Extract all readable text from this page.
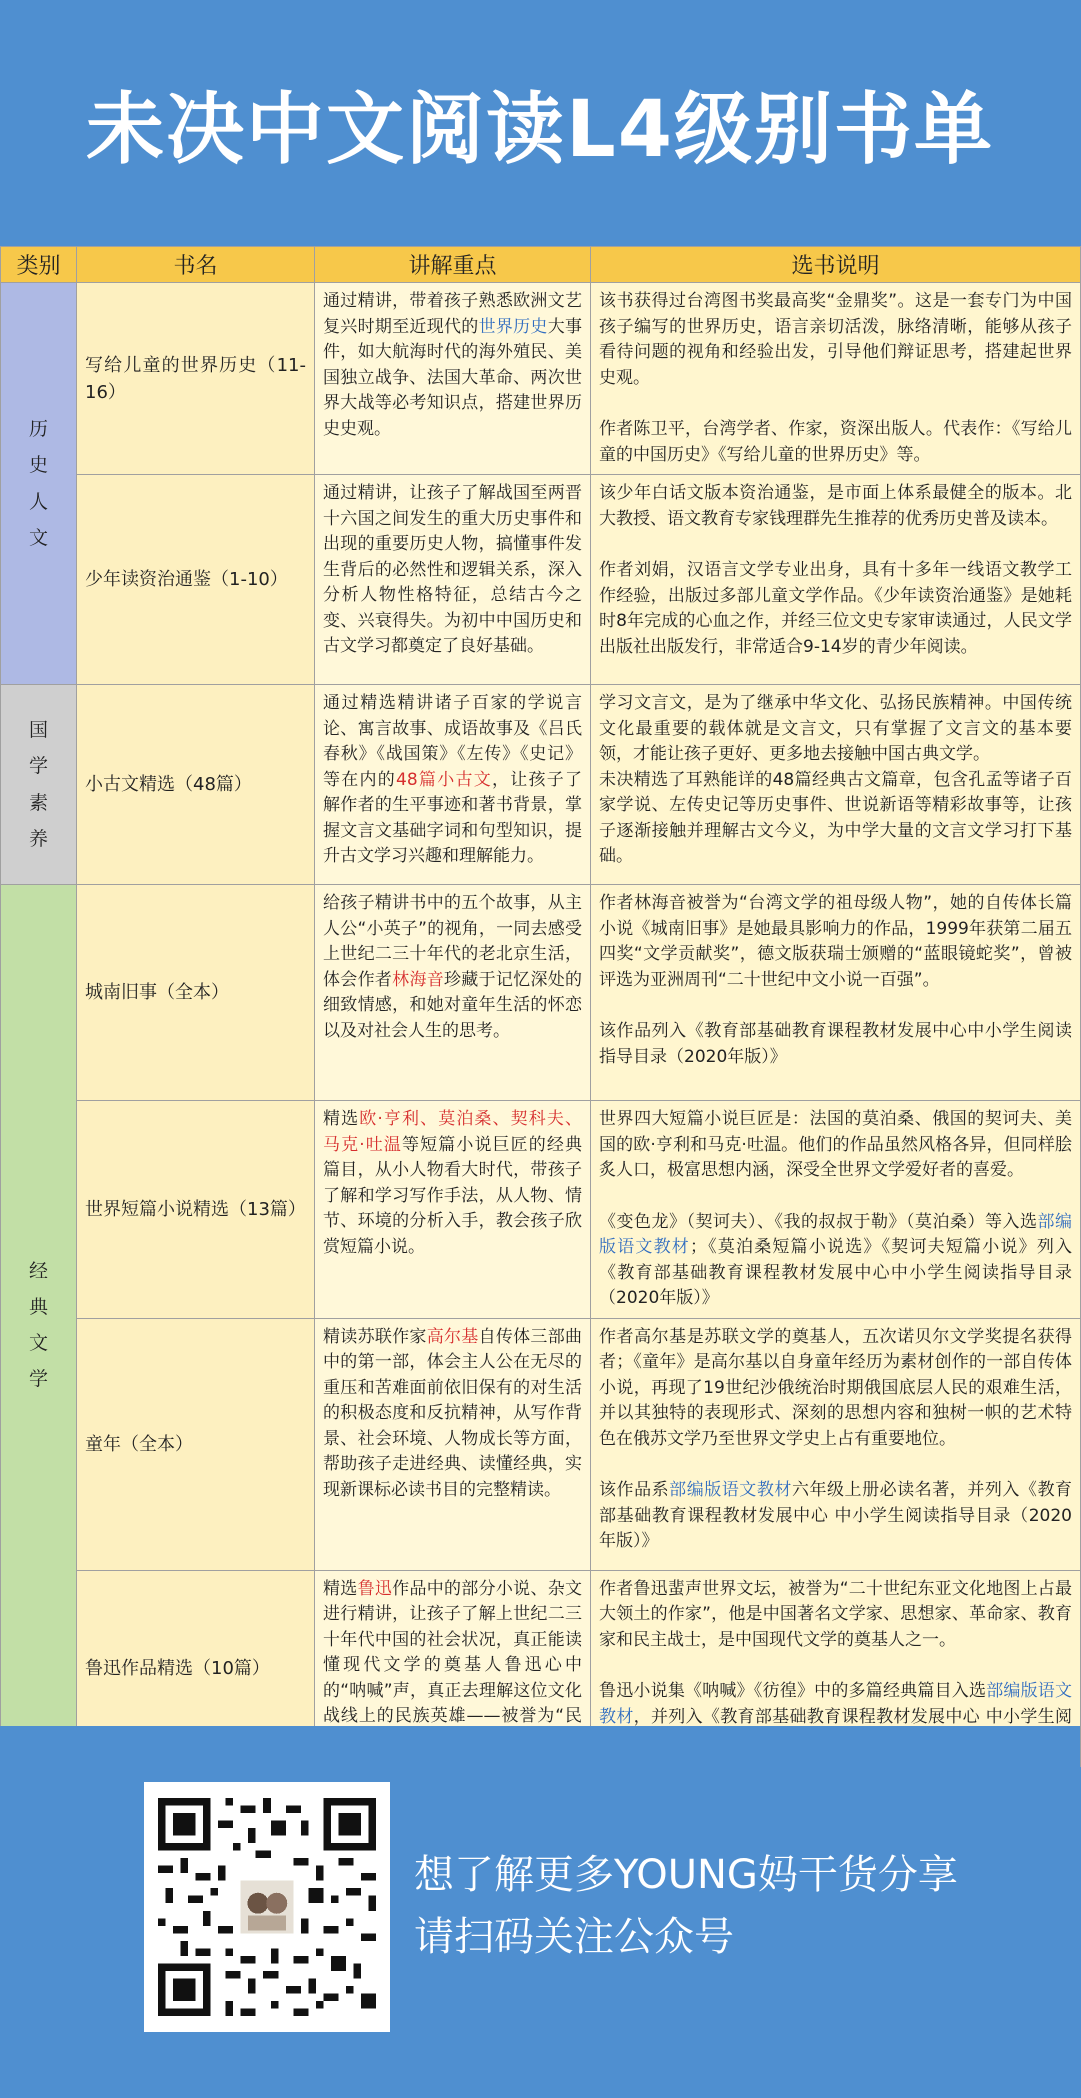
未决中文阅读L4级别书单
类别	书名	讲解重点	选书说明
历史人文	写给儿童的世界历史（11-16）	通过精讲，带着孩子熟悉欧洲文艺复兴时期至近现代的世界历史大事件，如大航海时代的海外殖民、美国独立战争、法国大革命、两次世界大战等必考知识点，搭建世界历史史观。	该书获得过台湾图书奖最高奖“金鼎奖”。这是一套专门为中国孩子编写的世界历史，语言亲切活泼，脉络清晰，能够从孩子看待问题的视角和经验出发，引导他们辩证思考，搭建起世界史观。
作者陈卫平，台湾学者、作家，资深出版人。代表作：《写给儿童的中国历史》《写给儿童的世界历史》等。

	少年读资治通鉴（1-10）	通过精讲，让孩子了解战国至两晋十六国之间发生的重大历史事件和出现的重要历史人物，搞懂事件发生背后的必然性和逻辑关系，深入分析人物性格特征，总结古今之变、兴衰得失。为初中中国历史和古文学习都奠定了良好基础。	该少年白话文版本资治通鉴，是市面上体系最健全的版本。北大教授、语文教育专家钱理群先生推荐的优秀历史普及读本。
作者刘娟，汉语言文学专业出身，具有十多年一线语文教学工作经验，出版过多部儿童文学作品。《少年读资治通鉴》是她耗时8年完成的心血之作，并经三位文史专家审读通过，人民文学出版社出版发行，非常适合9-14岁的青少年阅读。

国学素养	小古文精选（48篇）	通过精选精讲诸子百家的学说言论、寓言故事、成语故事及《吕氏春秋》《战国策》《左传》《史记》等在内的48篇小古文，让孩子了解作者的生平事迹和著书背景，掌握文言文基础字词和句型知识，提升古文学习兴趣和理解能力。	学习文言文，是为了继承中华文化、弘扬民族精神。中国传统文化最重要的载体就是文言文，只有掌握了文言文的基本要领，才能让孩子更好、更多地去接触中国古典文学。
未决精选了耳熟能详的48篇经典古文篇章，包含孔孟等诸子百家学说、左传史记等历史事件、世说新语等精彩故事等，让孩子逐渐接触并理解古文今义，为中学大量的文言文学习打下基础。

经典文学	城南旧事（全本）	给孩子精讲书中的五个故事，从主人公“小英子”的视角，一同去感受上世纪二三十年代的老北京生活，体会作者林海音珍藏于记忆深处的细致情感，和她对童年生活的怀恋以及对社会人生的思考。	作者林海音被誉为“台湾文学的祖母级人物”，她的自传体长篇小说《城南旧事》是她最具影响力的作品，1999年获第二届五四奖“文学贡献奖”，德文版获瑞士颁赠的“蓝眼镜蛇奖”，曾被评选为亚洲周刊“二十世纪中文小说一百强”。
该作品列入《教育部基础教育课程教材发展中心中小学生阅读指导目录（2020年版）》

	世界短篇小说精选（13篇）	精选欧·亨利、莫泊桑、契科夫、马克·吐温等短篇小说巨匠的经典篇目，从小人物看大时代，带孩子了解和学习写作手法，从人物、情节、环境的分析入手，教会孩子欣赏短篇小说。	世界四大短篇小说巨匠是：法国的莫泊桑、俄国的契诃夫、美国的欧·亨利和马克·吐温。他们的作品虽然风格各异，但同样脍炙人口，极富思想内涵，深受全世界文学爱好者的喜爱。
《变色龙》（契诃夫）、《我的叔叔于勒》（莫泊桑）等入选部编版语文教材；《莫泊桑短篇小说选》《契诃夫短篇小说》列入《教育部基础教育课程教材发展中心中小学生阅读指导目录（2020年版）》

	童年（全本）	精读苏联作家高尔基自传体三部曲中的第一部，体会主人公在无尽的重压和苦难面前依旧保有的对生活的积极态度和反抗精神，从写作背景、社会环境、人物成长等方面，帮助孩子走进经典、读懂经典，实现新课标必读书目的完整精读。	作者高尔基是苏联文学的奠基人，五次诺贝尔文学奖提名获得者；《童年》是高尔基以自身童年经历为素材创作的一部自传体小说，再现了19世纪沙俄统治时期俄国底层人民的艰难生活，并以其独特的表现形式、深刻的思想内容和独树一帜的艺术特色在俄苏文学乃至世界文学史上占有重要地位。
该作品系部编版语文教材六年级上册必读名著，并列入《教育部基础教育课程教材发展中心 中小学生阅读指导目录（2020年版）》

	鲁迅作品精选（10篇）	精选鲁迅作品中的部分小说、杂文进行精讲，让孩子了解上世纪二三十年代中国的社会状况，真正能读懂现代文学的奠基人鲁迅心中的“呐喊”声，真正去理解这位文化战线上的民族英雄——被誉为“民	作者鲁迅蜚声世界文坛，被誉为“二十世纪东亚文化地图上占最大领土的作家”，他是中国著名文学家、思想家、革命家、教育家和民主战士，是中国现代文学的奠基人之一。
鲁迅小说集《呐喊》《彷徨》中的多篇经典篇目入选部编版语文教材，并列入《教育部基础教育课程教材发展中心 中小学生阅
想了解更多YOUNG妈干货分享
请扫码关注公众号
